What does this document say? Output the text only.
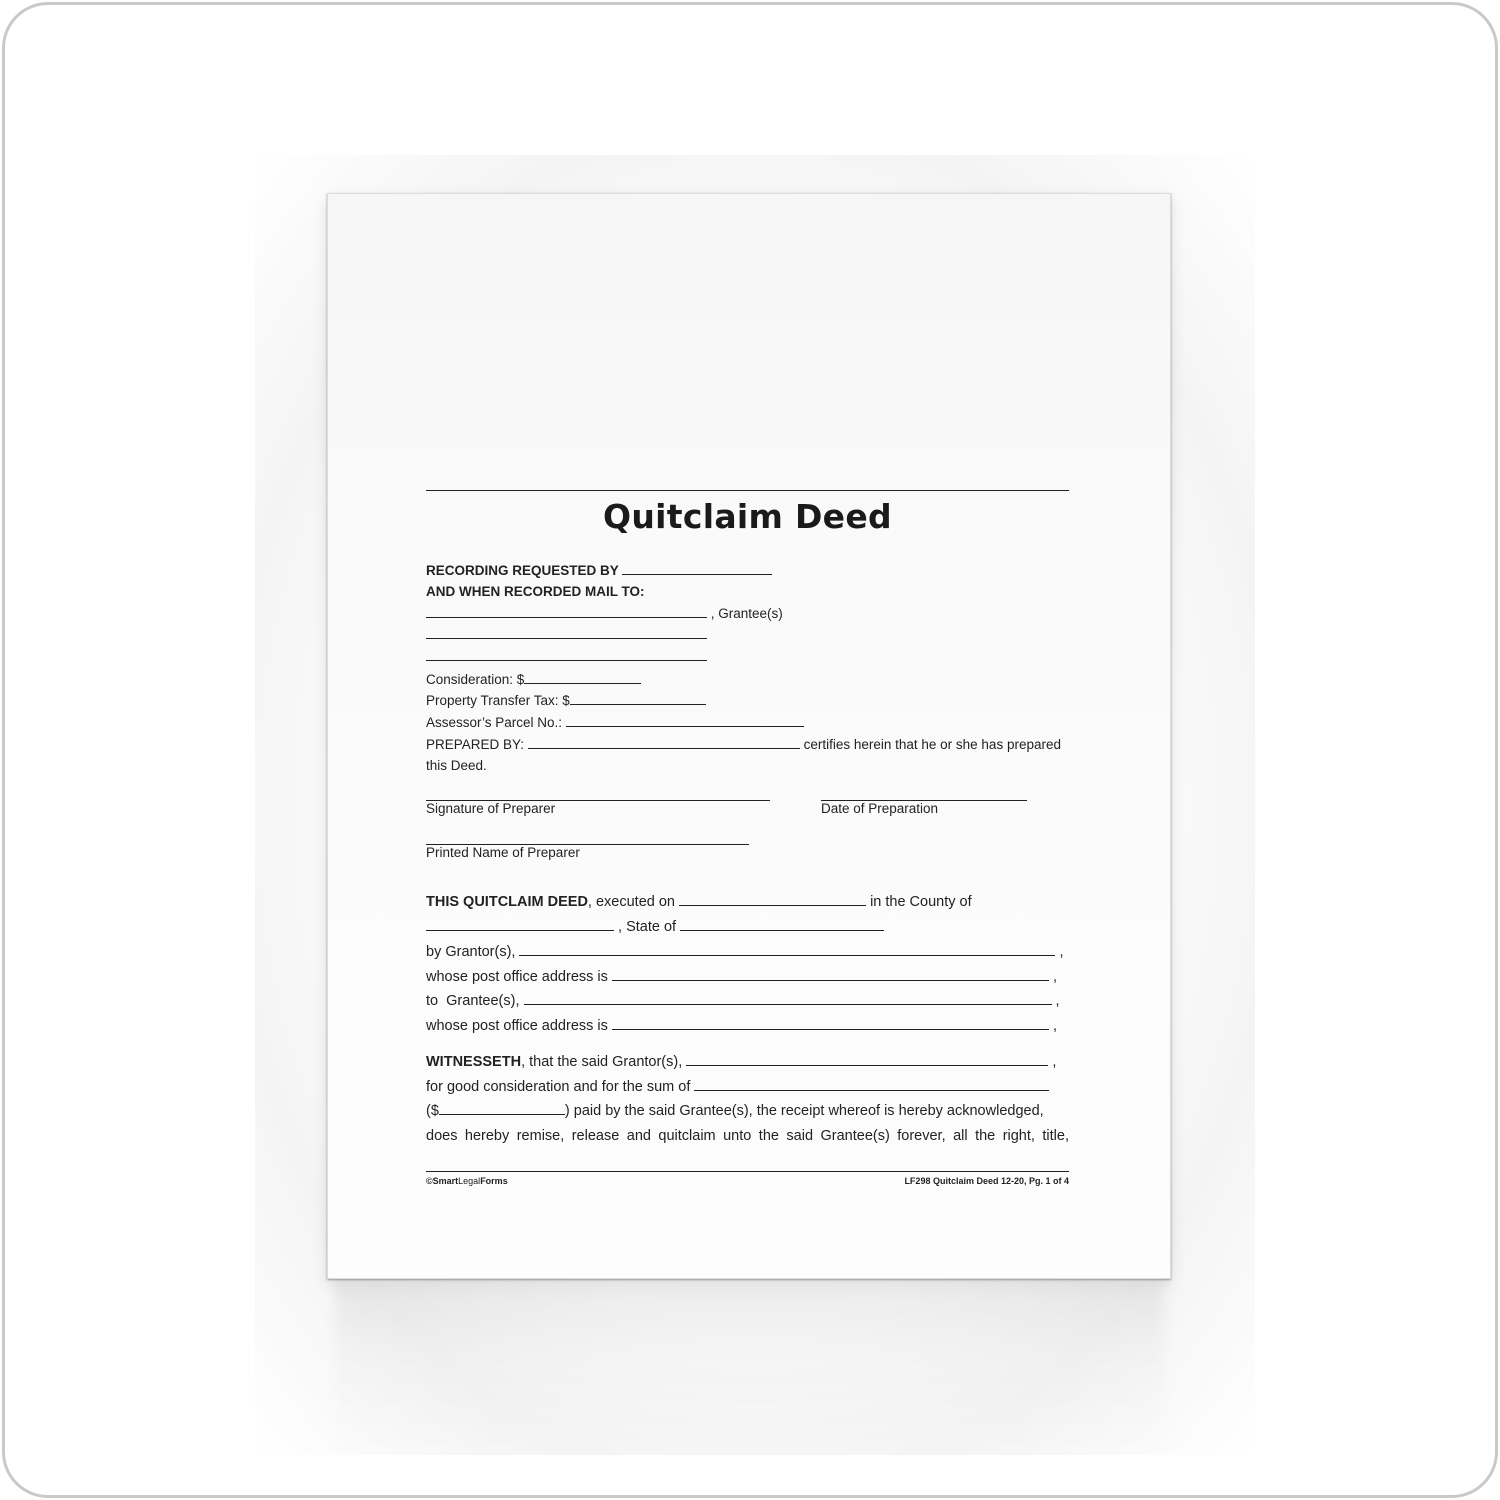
Quitclaim Deed
RECORDING REQUESTED BY
AND WHEN RECORDED MAIL TO:
, Grantee(s)
Consideration: $
Property Transfer Tax: $
Assessor’s Parcel No.:
PREPARED BY:	certifies herein that he or she has prepared
this Deed.
Signature of Preparer	Date of Preparation
Printed Name of Preparer
THIS QUITCLAIM DEED, executed on	in the County of
, State of
by Grantor(s),	,
whose post office address is	,
to  Grantee(s),	,
whose post office address is	,
WITNESSETH, that the said Grantor(s),	,
for good consideration and for the sum of
($	) paid by the said Grantee(s), the receipt whereof is hereby acknowledged,
does hereby remise, release and quitclaim unto the said Grantee(s) forever, all the right, title,
©SmartLegalForms	LF298 Quitclaim Deed 12-20, Pg. 1 of 4
